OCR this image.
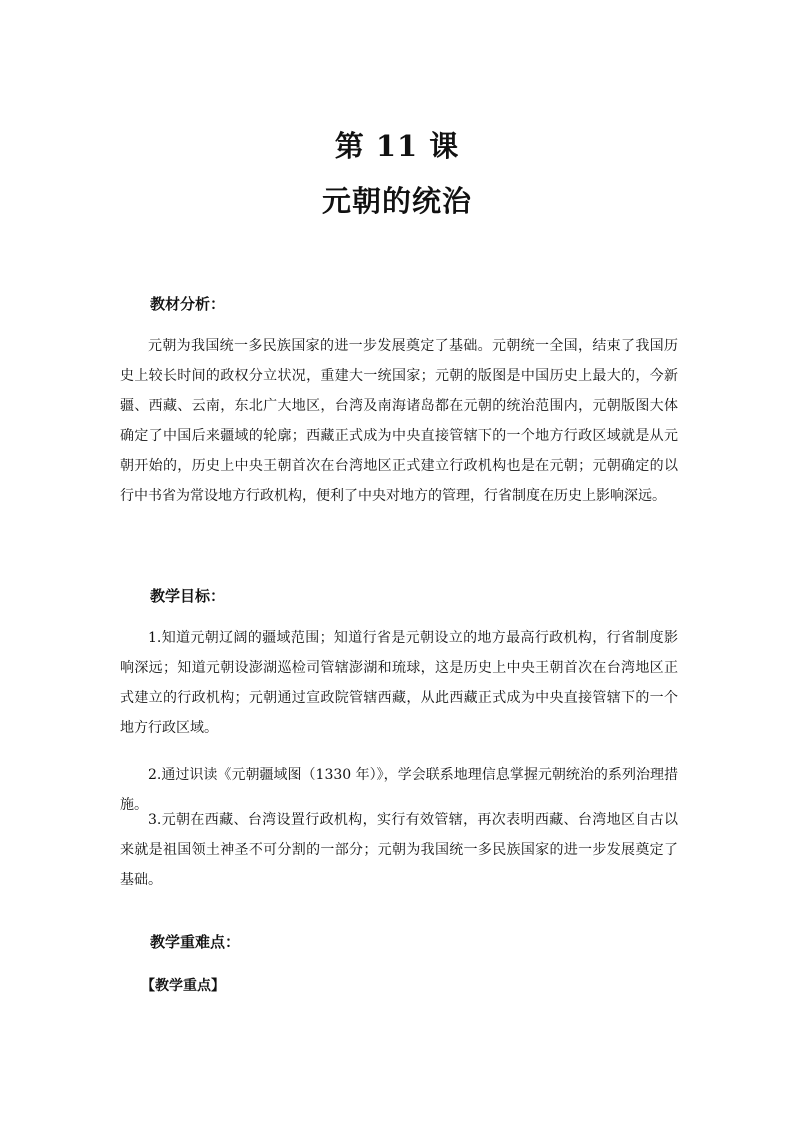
第 11 课
元朝的统治
教材分析：

元朝为我国统一多民族国家的进一步发展奠定了基础。元朝统一全国，结束了我国历史上较长时间的政权分立状况，重建大一统国家；元朝的版图是中国历史上最大的，今新疆、西藏、云南，东北广大地区，台湾及南海诸岛都在元朝的统治范围内，元朝版图大体确定了中国后来疆域的轮廓；西藏正式成为中央直接管辖下的一个地方行政区域就是从元朝开始的，历史上中央王朝首次在台湾地区正式建立行政机构也是在元朝；元朝确定的以行中书省为常设地方行政机构，便利了中央对地方的管理，行省制度在历史上影响深远。

教学目标：

1.知道元朝辽阔的疆域范围；知道行省是元朝设立的地方最高行政机构，行省制度影响深远；知道元朝设澎湖巡检司管辖澎湖和琉球，这是历史上中央王朝首次在台湾地区正式建立的行政机构；元朝通过宣政院管辖西藏，从此西藏正式成为中央直接管辖下的一个地方行政区域。

2.通过识读《元朝疆域图（1330 年）》，学会联系地理信息掌握元朝统治的系列治理措施。

3.元朝在西藏、台湾设置行政机构，实行有效管辖，再次表明西藏、台湾地区自古以来就是祖国领土神圣不可分割的一部分；元朝为我国统一多民族国家的进一步发展奠定了基础。

教学重难点：
【教学重点】
